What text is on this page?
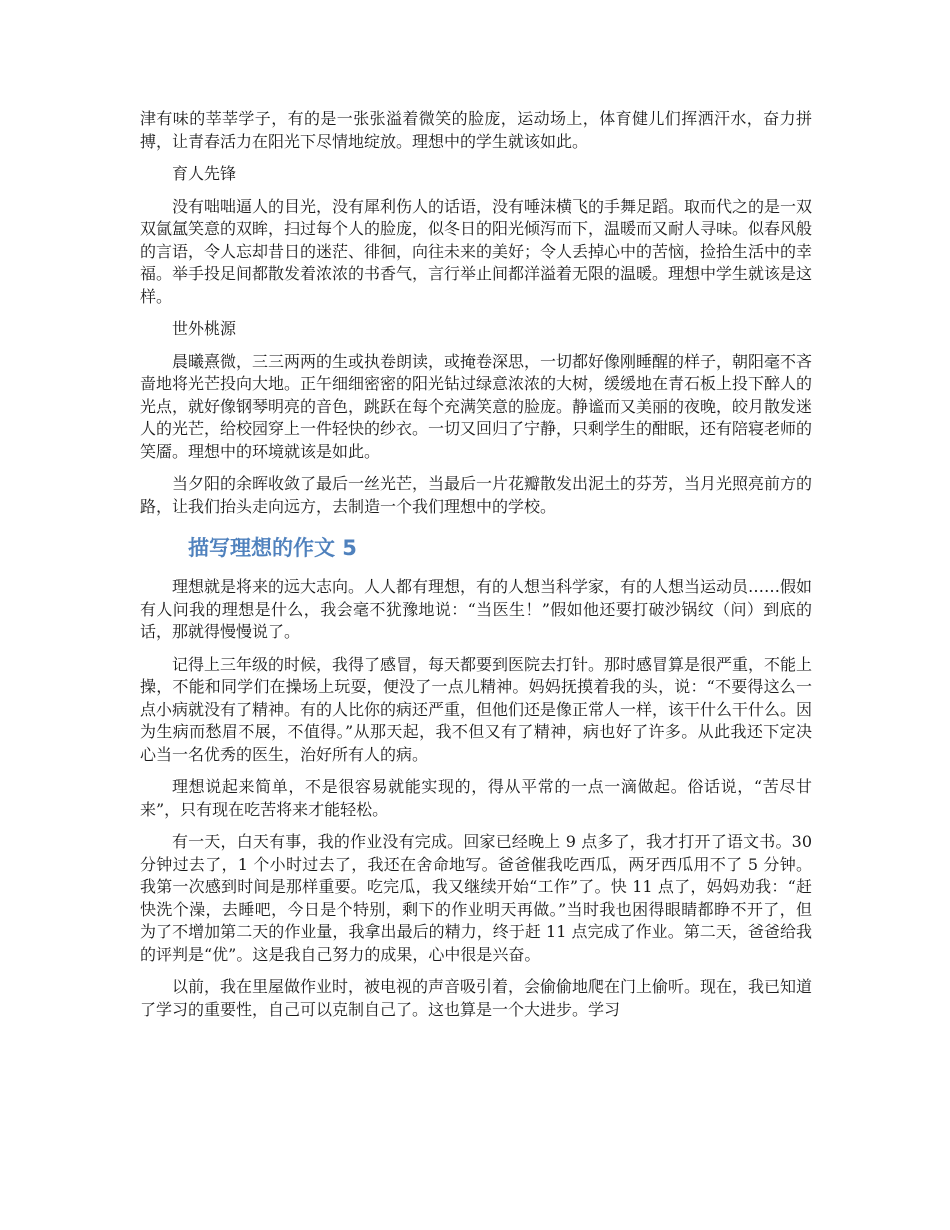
津有味的莘莘学子，有的是一张张溢着微笑的脸庞，运动场上，体育健儿们挥洒汗水，奋力拼搏，让青春活力在阳光下尽情地绽放。理想中的学生就该如此。

育人先锋

没有咄咄逼人的目光，没有犀利伤人的话语，没有唾沫横飞的手舞足蹈。取而代之的是一双双氤氲笑意的双眸，扫过每个人的脸庞，似冬日的阳光倾泻而下，温暖而又耐人寻味。似春风般的言语，令人忘却昔日的迷茫、徘徊，向往未来的美好；令人丢掉心中的苦恼，捡拾生活中的幸福。举手投足间都散发着浓浓的书香气，言行举止间都洋溢着无限的温暖。理想中学生就该是这样。

世外桃源

晨曦熹微，三三两两的生或执卷朗读，或掩卷深思，一切都好像刚睡醒的样子，朝阳毫不吝啬地将光芒投向大地。正午细细密密的阳光钻过绿意浓浓的大树，缓缓地在青石板上投下醉人的光点，就好像钢琴明亮的音色，跳跃在每个充满笑意的脸庞。静谧而又美丽的夜晚，皎月散发迷人的光芒，给校园穿上一件轻快的纱衣。一切又回归了宁静，只剩学生的酣眠，还有陪寝老师的笑靥。理想中的环境就该是如此。

当夕阳的余晖收敛了最后一丝光芒，当最后一片花瓣散发出泥土的芬芳，当月光照亮前方的路，让我们抬头走向远方，去制造一个我们理想中的学校。

描写理想的作文 5

理想就是将来的远大志向。人人都有理想，有的人想当科学家，有的人想当运动员……假如有人问我的理想是什么，我会毫不犹豫地说：“当医生！”假如他还要打破沙锅纹（问）到底的话，那就得慢慢说了。

记得上三年级的时候，我得了感冒，每天都要到医院去打针。那时感冒算是很严重，不能上操，不能和同学们在操场上玩耍，便没了一点儿精神。妈妈抚摸着我的头，说：“不要得这么一点小病就没有了精神。有的人比你的病还严重，但他们还是像正常人一样，该干什么干什么。因为生病而愁眉不展，不值得。”从那天起，我不但又有了精神，病也好了许多。从此我还下定决心当一名优秀的医生，治好所有人的病。

理想说起来简单，不是很容易就能实现的，得从平常的一点一滴做起。俗话说，“苦尽甘来”，只有现在吃苦将来才能轻松。

有一天，白天有事，我的作业没有完成。回家已经晚上 9 点多了，我才打开了语文书。30 分钟过去了，1 个小时过去了，我还在舍命地写。爸爸催我吃西瓜，两牙西瓜用不了 5 分钟。我第一次感到时间是那样重要。吃完瓜，我又继续开始“工作”了。快 11 点了，妈妈劝我：“赶快洗个澡，去睡吧，今日是个特别，剩下的作业明天再做。”当时我也困得眼睛都睁不开了，但为了不增加第二天的作业量，我拿出最后的精力，终于赶 11 点完成了作业。第二天，爸爸给我的评判是“优”。这是我自己努力的成果，心中很是兴奋。

以前，我在里屋做作业时，被电视的声音吸引着，会偷偷地爬在门上偷听。现在，我已知道了学习的重要性，自己可以克制自己了。这也算是一个大进步。学习
